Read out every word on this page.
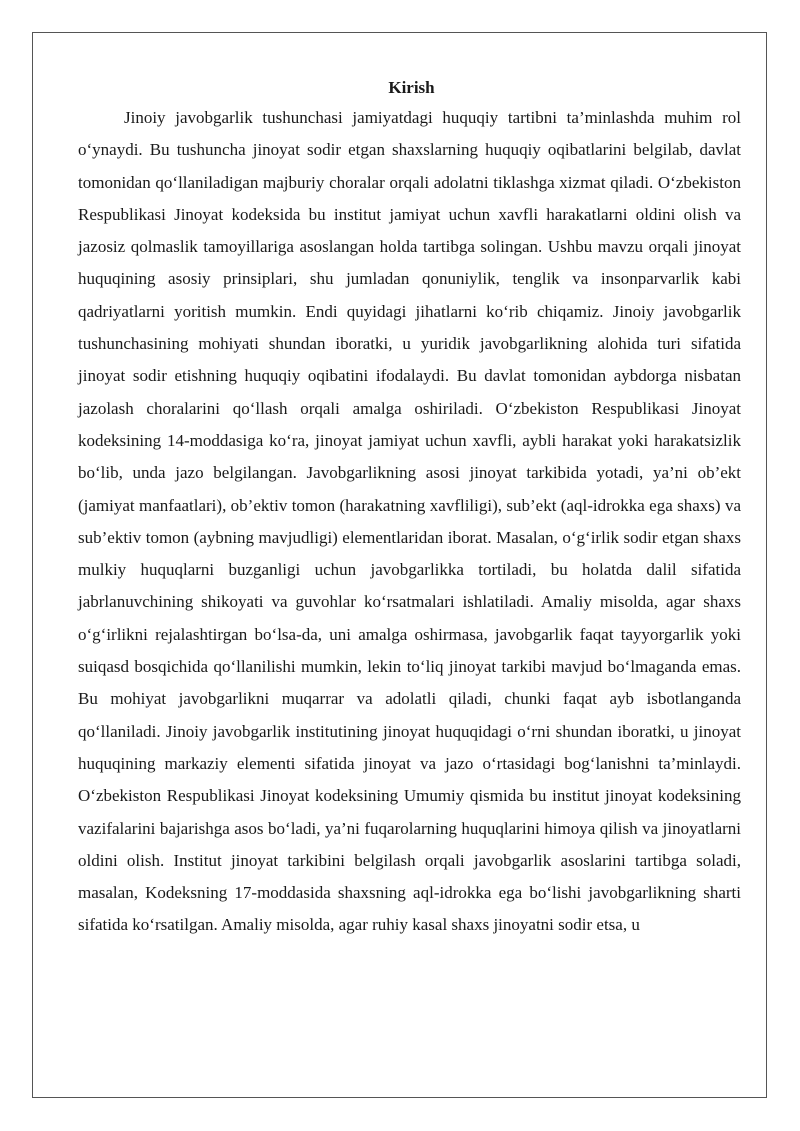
Kirish

Jinoiy javobgarlik tushunchasi jamiyatdagi huquqiy tartibni ta’minlashda muhim rol o‘ynaydi. Bu tushuncha jinoyat sodir etgan shaxslarning huquqiy oqibatlarini belgilab, davlat tomonidan qo‘llaniladigan majburiy choralar orqali adolatni tiklashga xizmat qiladi. O‘zbekiston Respublikasi Jinoyat kodeksida bu institut jamiyat uchun xavfli harakatlarni oldini olish va jazosiz qolmaslik tamoyillariga asoslangan holda tartibga solingan. Ushbu mavzu orqali jinoyat huquqining asosiy prinsiplari, shu jumladan qonuniylik, tenglik va insonparvarlik kabi qadriyatlarni yoritish mumkin. Endi quyidagi jihatlarni ko‘rib chiqamiz. Jinoiy javobgarlik tushunchasining mohiyati shundan iboratki, u yuridik javobgarlikning alohida turi sifatida jinoyat sodir etishning huquqiy oqibatini ifodalaydi. Bu davlat tomonidan aybdorga nisbatan jazolash choralarini qo‘llash orqali amalga oshiriladi. O‘zbekiston Respublikasi Jinoyat kodeksining 14-moddasiga ko‘ra, jinoyat jamiyat uchun xavfli, aybli harakat yoki harakatsizlik bo‘lib, unda jazo belgilangan. Javobgarlikning asosi jinoyat tarkibida yotadi, ya’ni ob’ekt (jamiyat manfaatlari), ob’ektiv tomon (harakatning xavfliligi), sub’ekt (aql-idrokka ega shaxs) va sub’ektiv tomon (aybning mavjudligi) elementlaridan iborat. Masalan, o‘g‘irlik sodir etgan shaxs mulkiy huquqlarni buzganligi uchun javobgarlikka tortiladi, bu holatda dalil sifatida jabrlanuvchining shikoyati va guvohlar ko‘rsatmalari ishlatiladi. Amaliy misolda, agar shaxs o‘g‘irlikni rejalashtirgan bo‘lsa-da, uni amalga oshirmasa, javobgarlik faqat tayyorgarlik yoki suiqasd bosqichida qo‘llanilishi mumkin, lekin to‘liq jinoyat tarkibi mavjud bo‘lmaganda emas. Bu mohiyat javobgarlikni muqarrar va adolatli qiladi, chunki faqat ayb isbotlanganda qo‘llaniladi. Jinoiy javobgarlik institutining jinoyat huquqidagi o‘rni shundan iboratki, u jinoyat huquqining markaziy elementi sifatida jinoyat va jazo o‘rtasidagi bog‘lanishni ta’minlaydi. O‘zbekiston Respublikasi Jinoyat kodeksining Umumiy qismida bu institut jinoyat kodeksining vazifalarini bajarishga asos bo‘ladi, ya’ni fuqarolarning huquqlarini himoya qilish va jinoyatlarni oldini olish. Institut jinoyat tarkibini belgilash orqali javobgarlik asoslarini tartibga soladi, masalan, Kodeksning 17-moddasida shaxsning aql-idrokka ega bo‘lishi javobgarlikning sharti sifatida ko‘rsatilgan. Amaliy misolda, agar ruhiy kasal shaxs jinoyatni sodir etsa, u
